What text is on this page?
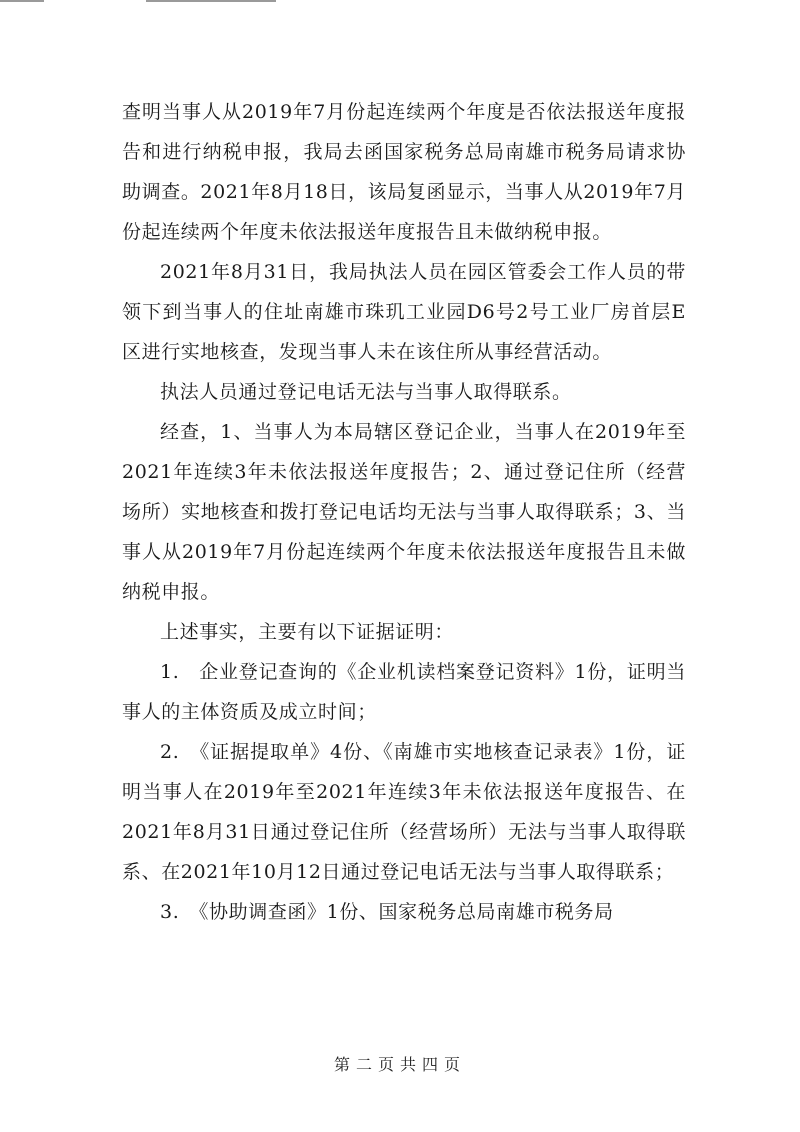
查明当事人从2019年7月份起连续两个年度是否依法报送年度报告和进行纳税申报，我局去函国家税务总局南雄市税务局请求协助调查。2021年8月18日，该局复函显示，当事人从2019年7月份起连续两个年度未依法报送年度报告且未做纳税申报。

2021年8月31日，我局执法人员在园区管委会工作人员的带领下到当事人的住址南雄市珠玑工业园D6号2号工业厂房首层E区进行实地核查，发现当事人未在该住所从事经营活动。

执法人员通过登记电话无法与当事人取得联系。

经查，1、当事人为本局辖区登记企业，当事人在2019年至2021年连续3年未依法报送年度报告；2、通过登记住所（经营场所）实地核查和拨打登记电话均无法与当事人取得联系；3、当事人从2019年7月份起连续两个年度未依法报送年度报告且未做纳税申报。

上述事实，主要有以下证据证明：

1.　企业登记查询的《企业机读档案登记资料》1份，证明当事人的主体资质及成立时间；

2.　《证据提取单》4份、《南雄市实地核查记录表》1份，证明当事人在2019年至2021年连续3年未依法报送年度报告、在2021年8月31日通过登记住所（经营场所）无法与当事人取得联系、在2021年10月12日通过登记电话无法与当事人取得联系；

3.　《协助调查函》1份、国家税务总局南雄市税务局

第二页共四页
